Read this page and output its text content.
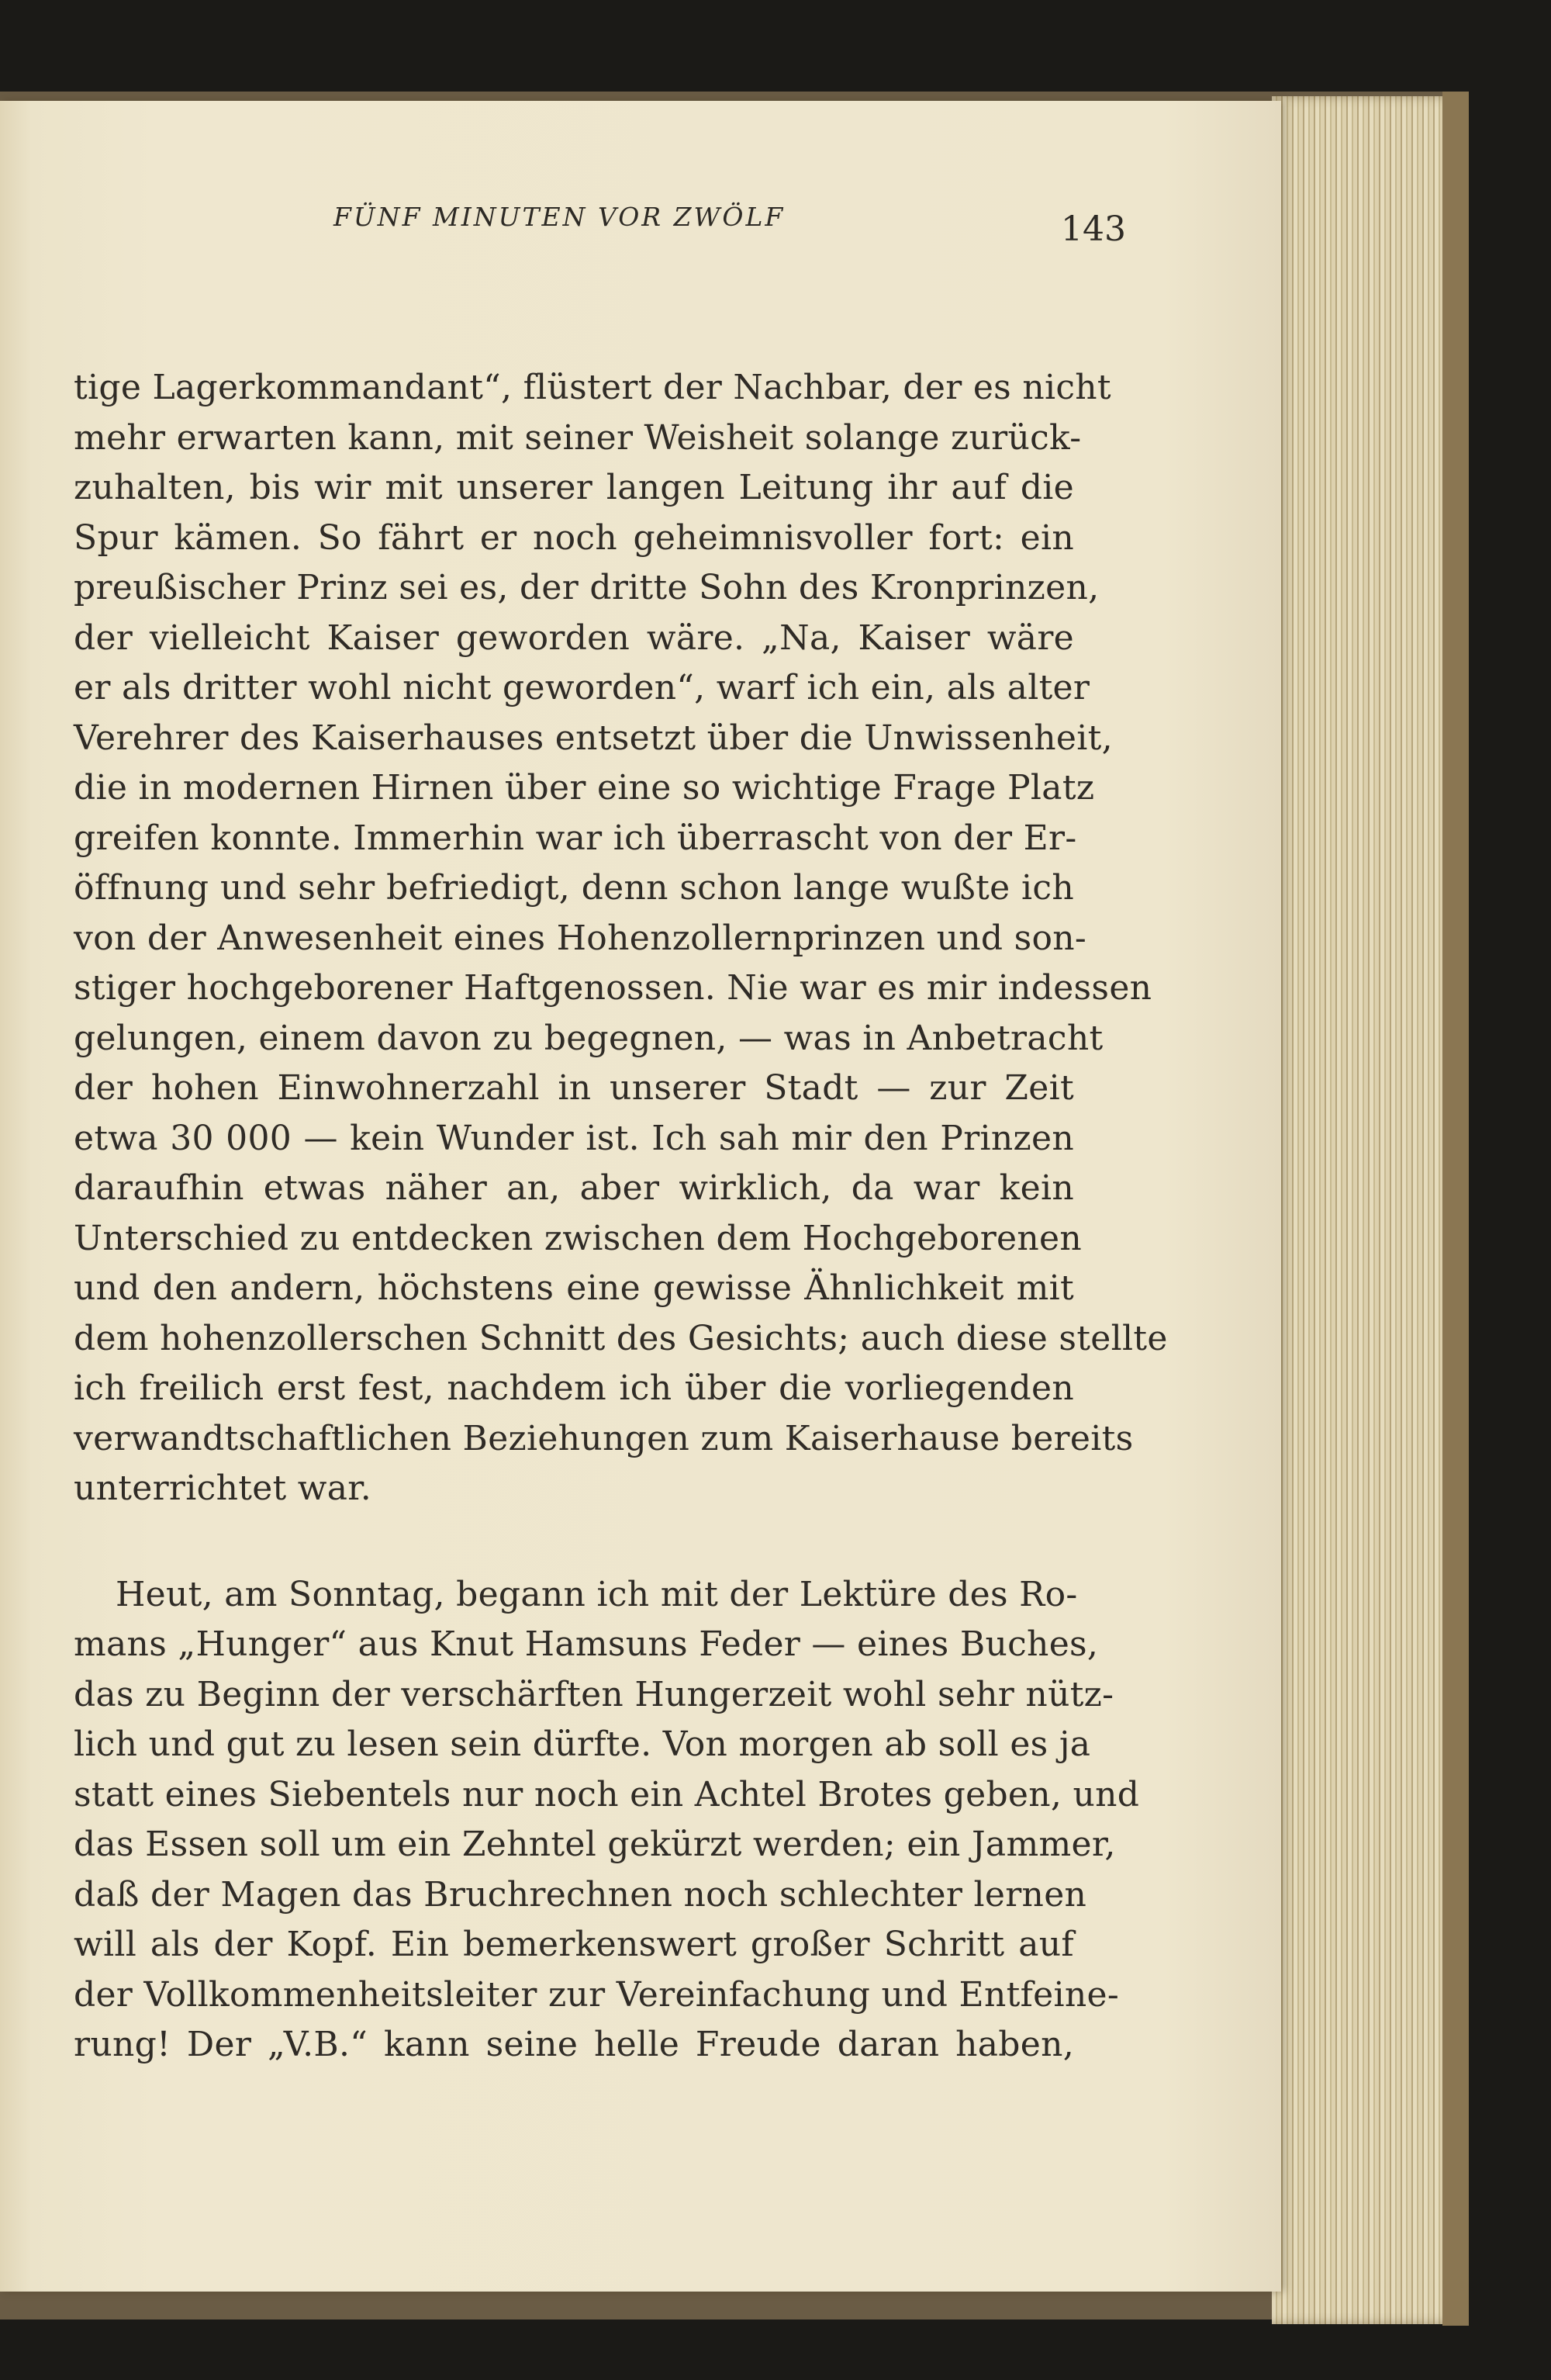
FÜNF MINUTEN VOR ZWÖLF	143
tige Lagerkommandant“, flüstert der Nachbar, der es nicht
mehr erwarten kann, mit seiner Weisheit solange zurück-
zuhalten, bis wir mit unserer langen Leitung ihr auf die
Spur kämen. So fährt er noch geheimnisvoller fort: ein
preußischer Prinz sei es, der dritte Sohn des Kronprinzen,
der vielleicht Kaiser geworden wäre. „Na, Kaiser wäre
er als dritter wohl nicht geworden“, warf ich ein, als alter
Verehrer des Kaiserhauses entsetzt über die Unwissenheit,
die in modernen Hirnen über eine so wichtige Frage Platz
greifen konnte. Immerhin war ich überrascht von der Er-
öffnung und sehr befriedigt, denn schon lange wußte ich
von der Anwesenheit eines Hohenzollernprinzen und son-
stiger hochgeborener Haftgenossen. Nie war es mir indessen
gelungen, einem davon zu begegnen, — was in Anbetracht
der hohen Einwohnerzahl in unserer Stadt — zur Zeit
etwa 30 000 — kein Wunder ist. Ich sah mir den Prinzen
daraufhin etwas näher an, aber wirklich, da war kein
Unterschied zu entdecken zwischen dem Hochgeborenen
und den andern, höchstens eine gewisse Ähnlichkeit mit
dem hohenzollerschen Schnitt des Gesichts; auch diese stellte
ich freilich erst fest, nachdem ich über die vorliegenden
verwandtschaftlichen Beziehungen zum Kaiserhause bereits
unterrichtet war.
Heut, am Sonntag, begann ich mit der Lektüre des Ro-
mans „Hunger“ aus Knut Hamsuns Feder — eines Buches,
das zu Beginn der verschärften Hungerzeit wohl sehr nütz-
lich und gut zu lesen sein dürfte. Von morgen ab soll es ja
statt eines Siebentels nur noch ein Achtel Brotes geben, und
das Essen soll um ein Zehntel gekürzt werden; ein Jammer,
daß der Magen das Bruchrechnen noch schlechter lernen
will als der Kopf. Ein bemerkenswert großer Schritt auf
der Vollkommenheitsleiter zur Vereinfachung und Entfeine-
rung! Der „V.B.“ kann seine helle Freude daran haben,
